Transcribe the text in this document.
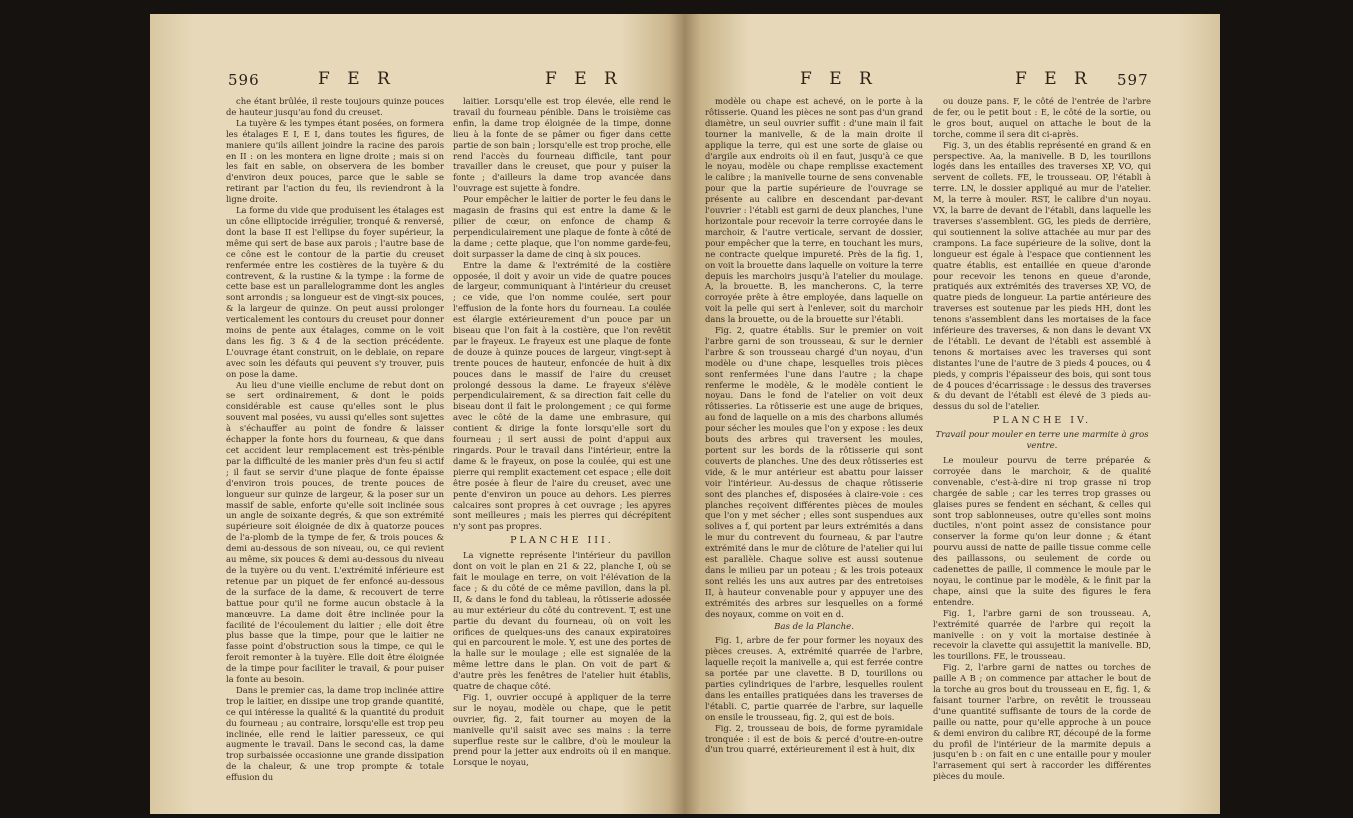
596	F E R	F E R

che étant brûlée, il reste toujours quinze pouces de hauteur jusqu'au fond du creuset.

La tuyère & les tympes étant posées, on formera les étalages E I, E I, dans toutes les figures, de maniere qu'ils aillent joindre la racine des parois en II : on les montera en ligne droite ; mais si on les fait en sable, on observera de les bomber d'environ deux pouces, parce que le sable se retirant par l'action du feu, ils reviendront à la ligne droite.

La forme du vide que produisent les étalages est un cône elliptocide irrégulier, tronqué & renversé, dont la base II est l'ellipse du foyer supérieur, la même qui sert de base aux parois ; l'autre base de ce cône est le contour de la partie du creuset renfermée entre les costières de la tuyère & du contrevent, & la rustine & la tympe : la forme de cette base est un parallelogramme dont les angles sont arrondis ; sa longueur est de vingt-six pouces, & la largeur de quinze. On peut aussi prolonger verticalement les contours du creuset pour donner moins de pente aux étalages, comme on le voit dans les fig. 3 & 4 de la section précédente. L'ouvrage étant construit, on le deblaie, on repare avec soin les défauts qui peuvent s'y trouver, puis on pose la dame.

Au lieu d'une vieille enclume de rebut dont on se sert ordinairement, & dont le poids considérable est cause qu'elles sont le plus souvent mal posées, vu aussi qu'elles sont sujettes à s'échauffer au point de fondre & laisser échapper la fonte hors du fourneau, & que dans cet accident leur remplacement est très-pénible par la difficulté de les manier près d'un feu si actif ; il faut se servir d'une plaque de fonte épaisse d'environ trois pouces, de trente pouces de longueur sur quinze de largeur, & la poser sur un massif de sable, enforte qu'elle soit inclinée sous un angle de soixante degrés, & que son extrémité supérieure soit éloignée de dix à quatorze pouces de l'a-plomb de la tympe de fer, & trois pouces & demi au-dessous de son niveau, ou, ce qui revient au même, six pouces & demi au-dessous du niveau de la tuyère ou du vent. L'extrémité inférieure est retenue par un piquet de fer enfoncé au-dessous de la surface de la dame, & recouvert de terre battue pour qu'il ne forme aucun obstacle à la manœuvre. La dame doit être inclinée pour la facilité de l'écoulement du laitier ; elle doit être plus basse que la timpe, pour que le laitier ne fasse point d'obstruction sous la timpe, ce qui le feroit remonter à la tuyère. Elle doit être éloignée de la timpe pour faciliter le travail, & pour puiser la fonte au besoin.

Dans le premier cas, la dame trop inclinée attire trop le laitier, en dissipe une trop grande quantité, ce qui intéresse la qualité & la quantité du produit du fourneau ; au contraire, lorsqu'elle est trop peu inclinée, elle rend le laitier paresseux, ce qui augmente le travail. Dans le second cas, la dame trop surbaissée occasionne une grande dissipation de la chaleur, & une trop prompte & totale effusion du

laitier. Lorsqu'elle est trop élevée, elle rend le travail du fourneau pénible. Dans le troisième cas enfin, la dame trop éloignée de la timpe, donne lieu à la fonte de se pâmer ou figer dans cette partie de son bain ; lorsqu'elle est trop proche, elle rend l'accès du fourneau difficile, tant pour travailler dans le creuset, que pour y puiser la fonte ; d'ailleurs la dame trop avancée dans l'ouvrage est sujette à fondre.

Pour empêcher le laitier de porter le feu dans le magasin de frasins qui est entre la dame & le pilier de cœur, on enfonce de champ & perpendiculairement une plaque de fonte à côté de la dame ; cette plaque, que l'on nomme garde-feu, doit surpasser la dame de cinq à six pouces.

Entre la dame & l'extrémité de la costière opposée, il doit y avoir un vide de quatre pouces de largeur, communiquant à l'intérieur du creuset ; ce vide, que l'on nomme coulée, sert pour l'effusion de la fonte hors du fourneau. La coulée est élargie extérieurement d'un pouce par un biseau que l'on fait à la costière, que l'on revêtit par le frayeux. Le frayeux est une plaque de fonte de douze à quinze pouces de largeur, vingt-sept à trente pouces de hauteur, enfoncée de huit à dix pouces dans le massif de l'aire du creuset prolongé dessous la dame. Le frayeux s'élève perpendiculairement, & sa direction fait celle du biseau dont il fait le prolongement ; ce qui forme avec le côté de la dame une embrasure, qui contient & dirige la fonte lorsqu'elle sort du fourneau ; il sert aussi de point d'appui aux ringards. Pour le travail dans l'intérieur, entre la dame & le frayeux, on pose la coulée, qui est une pierre qui remplit exactement cet espace ; elle doit être posée à fleur de l'aire du creuset, avec une pente d'environ un pouce au dehors. Les pierres calcaires sont propres à cet ouvrage ; les apyres sont meilleures ; mais les pierres qui décrépitent n'y sont pas propres.

PLANCHE III.

La vignette représente l'intérieur du pavillon dont on voit le plan en 21 & 22, planche I, où se fait le moulage en terre, on voit l'élévation de la face ; & du côté de ce même pavillon, dans la pl. II, & dans le fond du tableau, la rôtisserie adossée au mur extérieur du côté du contrevent. T, est une partie du devant du fourneau, où on voit les orifices de quelques-uns des canaux expiratoires qui en parcourent le mole. Y, est une des portes de la halle sur le moulage ; elle est signalée de la même lettre dans le plan. On voit de part & d'autre près les fenêtres de l'atelier huit établis, quatre de chaque côté.

Fig. 1, ouvrier occupé à appliquer de la terre sur le noyau, modèle ou chape, que le petit ouvrier, fig. 2, fait tourner au moyen de la manivelle qu'il saisit avec ses mains : la terre superflue reste sur le calibre, d'où le mouleur la prend pour la jetter aux endroits où il en manque. Lorsque le noyau,

F E R	F E R 597

modèle ou chape est achevé, on le porte à la rôtisserie. Quand les pièces ne sont pas d'un grand diamètre, un seul ouvrier suffit : d'une main il fait tourner la manivelle, & de la main droite il applique la terre, qui est une sorte de glaise ou d'argile aux endroits où il en faut, jusqu'à ce que le noyau, modèle ou chape remplisse exactement le calibre ; la manivelle tourne de sens convenable pour que la partie supérieure de l'ouvrage se présente au calibre en descendant par-devant l'ouvrier : l'établi est garni de deux planches, l'une horizontale pour recevoir la terre corroyée dans le marchoir, & l'autre verticale, servant de dossier, pour empêcher que la terre, en touchant les murs, ne contracte quelque impureté. Près de la fig. 1, on voit la brouette dans laquelle on voiture la terre depuis les marchoirs jusqu'à l'atelier du moulage. A, la brouette. B, les mancherons. C, la terre corroyée prête à être employée, dans laquelle on voit la pelle qui sert à l'enlever, soit du marchoir dans la brouette, ou de la brouette sur l'établi.

Fig. 2, quatre établis. Sur le premier on voit l'arbre garni de son trousseau, & sur le dernier l'arbre & son trousseau chargé d'un noyau, d'un modèle ou d'une chape, lesquelles trois pièces sont renfermées l'une dans l'autre ; la chape renferme le modèle, & le modèle contient le noyau. Dans le fond de l'atelier on voit deux rôtisseries. La rôtisserie est une auge de briques, au fond de laquelle on a mis des charbons allumés pour sécher les moules que l'on y expose : les deux bouts des arbres qui traversent les moules, portent sur les bords de la rôtisserie qui sont couverts de planches. Une des deux rôtisseries est vide, & le mur antérieur est abattu pour laisser voir l'intérieur. Au-dessus de chaque rôtisserie sont des planches ef, disposées à claire-voie : ces planches reçoivent différentes pièces de moules que l'on y met sécher ; elles sont suspendues aux solives a f, qui portent par leurs extrémités a dans le mur du contrevent du fourneau, & par l'autre extrémité dans le mur de clôture de l'atelier qui lui est parallèle. Chaque solive est aussi soutenue dans le milieu par un poteau ; & les trois poteaux sont reliés les uns aux autres par des entretoises II, à hauteur convenable pour y appuyer une des extrémités des arbres sur lesquelles on a formé des noyaux, comme on voit en d.

Bas de la Planche.

Fig. 1, arbre de fer pour former les noyaux des pièces creuses. A, extrémité quarrée de l'arbre, laquelle reçoit la manivelle a, qui est ferrée contre sa portée par une clavette. B D, tourillons ou parties cylindriques de l'arbre, lesquelles roulent dans les entailles pratiquées dans les traverses de l'établi. C, partie quarrée de l'arbre, sur laquelle on ensile le trousseau, fig. 2, qui est de bois.

Fig. 2, trousseau de bois, de forme pyramidale tronquée : il est de bois & percé d'outre-en-outre d'un trou quarré, extérieurement il est à huit, dix

ou douze pans. F, le côté de l'entrée de l'arbre de fer, ou le petit bout : E, le côté de la sortie, ou le gros bout, auquel on attache le bout de la torche, comme il sera dit ci-après.

Fig. 3, un des établis représenté en grand & en perspective. Aa, la manivelle. B D, les tourillons logés dans les entailles des traverses XP, VO, qui servent de collets. FE, le trousseau. OP, l'établi à terre. LN, le dossier appliqué au mur de l'atelier. M, la terre à mouler. RST, le calibre d'un noyau. VX, la barre de devant de l'établi, dans laquelle les traverses s'assemblent. GG, les pieds de derrière, qui soutiennent la solive attachée au mur par des crampons. La face supérieure de la solive, dont la longueur est égale à l'espace que contiennent les quatre établis, est entaillée en queue d'aronde pour recevoir les tenons en queue d'aronde, pratiqués aux extrémités des traverses XP, VO, de quatre pieds de longueur. La partie antérieure des traverses est soutenue par les pieds HH, dont les tenons s'assemblent dans les mortaises de la face inférieure des traverses, & non dans le devant VX de l'établi. Le devant de l'établi est assemblé à tenons & mortaises avec les traverses qui sont distantes l'une de l'autre de 3 pieds 4 pouces, ou 4 pieds, y compris l'épaisseur des bois, qui sont tous de 4 pouces d'écarrissage : le dessus des traverses & du devant de l'établi est élevé de 3 pieds au-dessus du sol de l'atelier.

PLANCHE IV.
Travail pour mouler en terre une marmite à gros ventre.

Le mouleur pourvu de terre préparée & corroyée dans le marchoir, & de qualité convenable, c'est-à-dire ni trop grasse ni trop chargée de sable ; car les terres trop grasses ou glaises pures se fendent en séchant, & celles qui sont trop sablonneuses, outre qu'elles sont moins ductiles, n'ont point assez de consistance pour conserver la forme qu'on leur donne ; & étant pourvu aussi de natte de paille tissue comme celle des paillassons, ou seulement de corde ou cadenettes de paille, il commence le moule par le noyau, le continue par le modèle, & le finit par la chape, ainsi que la suite des figures le fera entendre.

Fig. 1, l'arbre garni de son trousseau. A, l'extrémité quarrée de l'arbre qui reçoit la manivelle : on y voit la mortaise destinée à recevoir la clavette qui assujettit la manivelle. BD, les tourillons. FE, le trousseau.

Fig. 2, l'arbre garni de nattes ou torches de paille A B ; on commence par attacher le bout de la torche au gros bout du trousseau en E, fig. 1, & faisant tourner l'arbre, on revêtit le trousseau d'une quantité suffisante de tours de la corde de paille ou natte, pour qu'elle approche à un pouce & demi environ du calibre RT, découpé de la forme du profil de l'intérieur de la marmite depuis a jusqu'en b : on fait en c une entaille pour y mouler l'arrasement qui sert à raccorder les différentes pièces du moule.
